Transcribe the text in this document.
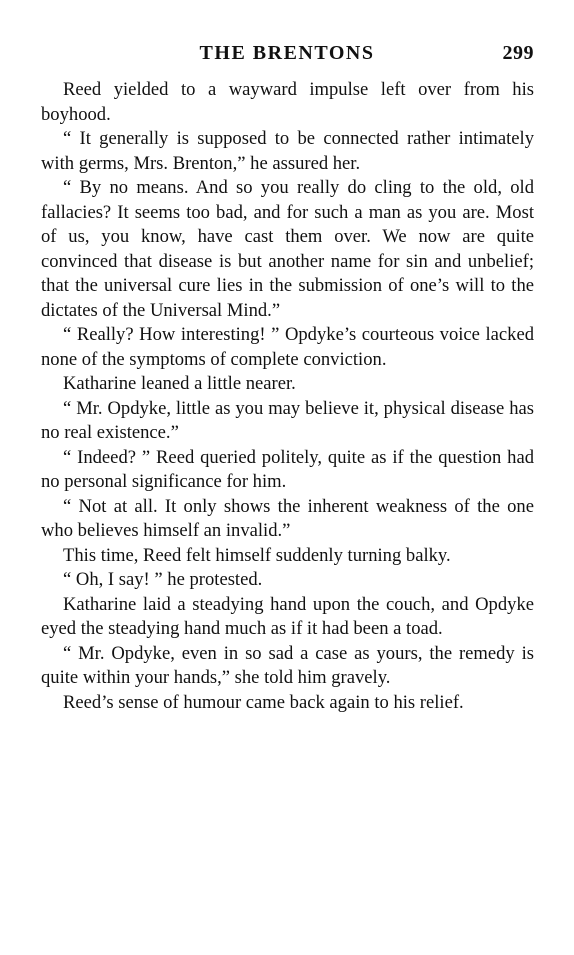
THE BRENTONS	299

Reed yielded to a wayward impulse left over from his boyhood.

“ It generally is supposed to be connected rather intimately with germs, Mrs. Brenton,” he assured her.

“ By no means. And so you really do cling to the old, old fallacies? It seems too bad, and for such a man as you are. Most of us, you know, have cast them over. We now are quite convinced that disease is but another name for sin and unbelief; that the universal cure lies in the submission of one’s will to the dictates of the Universal Mind.”

“ Really? How interesting! ” Opdyke’s courteous voice lacked none of the symptoms of complete conviction.

Katharine leaned a little nearer.

“ Mr. Opdyke, little as you may believe it, physical disease has no real existence.”

“ Indeed? ” Reed queried politely, quite as if the question had no personal significance for him.

“ Not at all. It only shows the inherent weakness of the one who believes himself an invalid.”

This time, Reed felt himself suddenly turning balky.

“ Oh, I say! ” he protested.

Katharine laid a steadying hand upon the couch, and Opdyke eyed the steadying hand much as if it had been a toad.

“ Mr. Opdyke, even in so sad a case as yours, the remedy is quite within your hands,” she told him gravely.

Reed’s sense of humour came back again to his relief.
